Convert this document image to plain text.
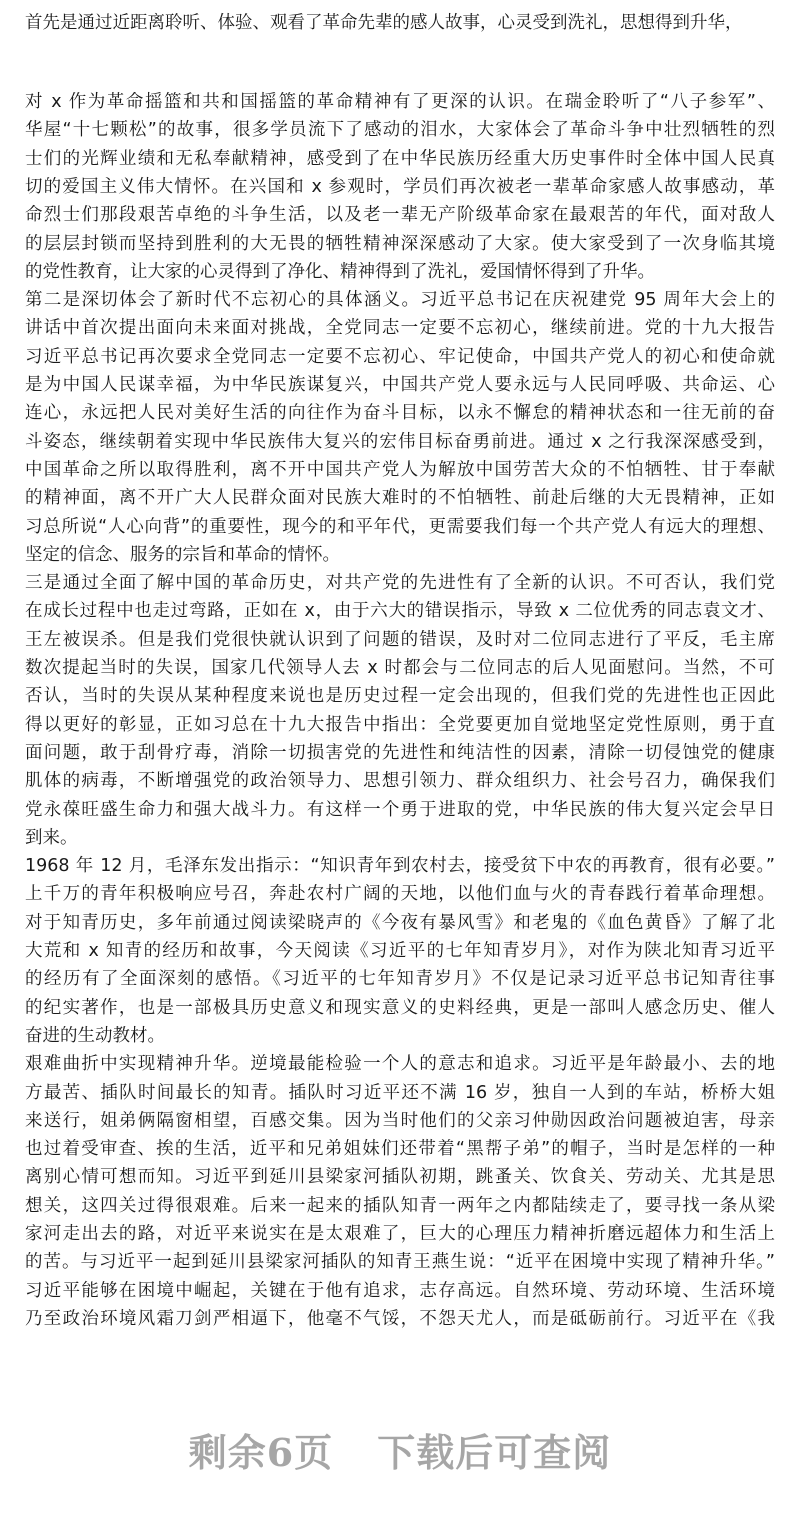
首先是通过近距离聆听、体验、观看了革命先辈的感人故事，心灵受到洗礼，思想得到升华，
对 x 作为革命摇篮和共和国摇篮的革命精神有了更深的认识。在瑞金聆听了“八子参军”、
华屋“十七颗松”的故事，很多学员流下了感动的泪水，大家体会了革命斗争中壮烈牺牲的烈
士们的光辉业绩和无私奉献精神，感受到了在中华民族历经重大历史事件时全体中国人民真
切的爱国主义伟大情怀。在兴国和 x 参观时，学员们再次被老一辈革命家感人故事感动，革
命烈士们那段艰苦卓绝的斗争生活，以及老一辈无产阶级革命家在最艰苦的年代，面对敌人
的层层封锁而坚持到胜利的大无畏的牺牲精神深深感动了大家。使大家受到了一次身临其境
的党性教育，让大家的心灵得到了净化、精神得到了洗礼，爱国情怀得到了升华。
第二是深切体会了新时代不忘初心的具体涵义。习近平总书记在庆祝建党 95 周年大会上的
讲话中首次提出面向未来面对挑战，全党同志一定要不忘初心，继续前进。党的十九大报告
习近平总书记再次要求全党同志一定要不忘初心、牢记使命，中国共产党人的初心和使命就
是为中国人民谋幸福，为中华民族谋复兴，中国共产党人要永远与人民同呼吸、共命运、心
连心，永远把人民对美好生活的向往作为奋斗目标，以永不懈怠的精神状态和一往无前的奋
斗姿态，继续朝着实现中华民族伟大复兴的宏伟目标奋勇前进。通过 x 之行我深深感受到，
中国革命之所以取得胜利，离不开中国共产党人为解放中国劳苦大众的不怕牺牲、甘于奉献
的精神面，离不开广大人民群众面对民族大难时的不怕牺牲、前赴后继的大无畏精神，正如
习总所说“人心向背”的重要性，现今的和平年代，更需要我们每一个共产党人有远大的理想、
坚定的信念、服务的宗旨和革命的情怀。
三是通过全面了解中国的革命历史，对共产党的先进性有了全新的认识。不可否认，我们党
在成长过程中也走过弯路，正如在 x，由于六大的错误指示，导致 x 二位优秀的同志袁文才、
王左被误杀。但是我们党很快就认识到了问题的错误，及时对二位同志进行了平反，毛主席
数次提起当时的失误，国家几代领导人去 x 时都会与二位同志的后人见面慰问。当然，不可
否认，当时的失误从某种程度来说也是历史过程一定会出现的，但我们党的先进性也正因此
得以更好的彰显，正如习总在十九大报告中指出：全党要更加自觉地坚定党性原则，勇于直
面问题，敢于刮骨疗毒，消除一切损害党的先进性和纯洁性的因素，清除一切侵蚀党的健康
肌体的病毒，不断增强党的政治领导力、思想引领力、群众组织力、社会号召力，确保我们
党永葆旺盛生命力和强大战斗力。有这样一个勇于进取的党，中华民族的伟大复兴定会早日
到来。
1968 年 12 月，毛泽东发出指示：“知识青年到农村去，接受贫下中农的再教育，很有必要。”
上千万的青年积极响应号召，奔赴农村广阔的天地，以他们血与火的青春践行着革命理想。
对于知青历史，多年前通过阅读梁晓声的《今夜有暴风雪》和老鬼的《血色黄昏》了解了北
大荒和 x 知青的经历和故事，今天阅读《习近平的七年知青岁月》，对作为陕北知青习近平
的经历有了全面深刻的感悟。《习近平的七年知青岁月》不仅是记录习近平总书记知青往事
的纪实著作，也是一部极具历史意义和现实意义的史料经典，更是一部叫人感念历史、催人
奋进的生动教材。
艰难曲折中实现精神升华。逆境最能检验一个人的意志和追求。习近平是年龄最小、去的地
方最苦、插队时间最长的知青。插队时习近平还不满 16 岁，独自一人到的车站，桥桥大姐
来送行，姐弟俩隔窗相望，百感交集。因为当时他们的父亲习仲勋因政治问题被迫害，母亲
也过着受审查、挨的生活，近平和兄弟姐妹们还带着“黑帮子弟”的帽子，当时是怎样的一种
离别心情可想而知。习近平到延川县梁家河插队初期，跳蚤关、饮食关、劳动关、尤其是思
想关，这四关过得很艰难。后来一起来的插队知青一两年之内都陆续走了，要寻找一条从梁
家河走出去的路，对近平来说实在是太艰难了，巨大的心理压力精神折磨远超体力和生活上
的苦。与习近平一起到延川县梁家河插队的知青王燕生说：“近平在困境中实现了精神升华。”
习近平能够在困境中崛起，关键在于他有追求，志存高远。自然环境、劳动环境、生活环境
乃至政治环境风霜刀剑严相逼下，他毫不气馁，不怨天尤人，而是砥砺前行。习近平在《我
剩余6页 下载后可查阅
